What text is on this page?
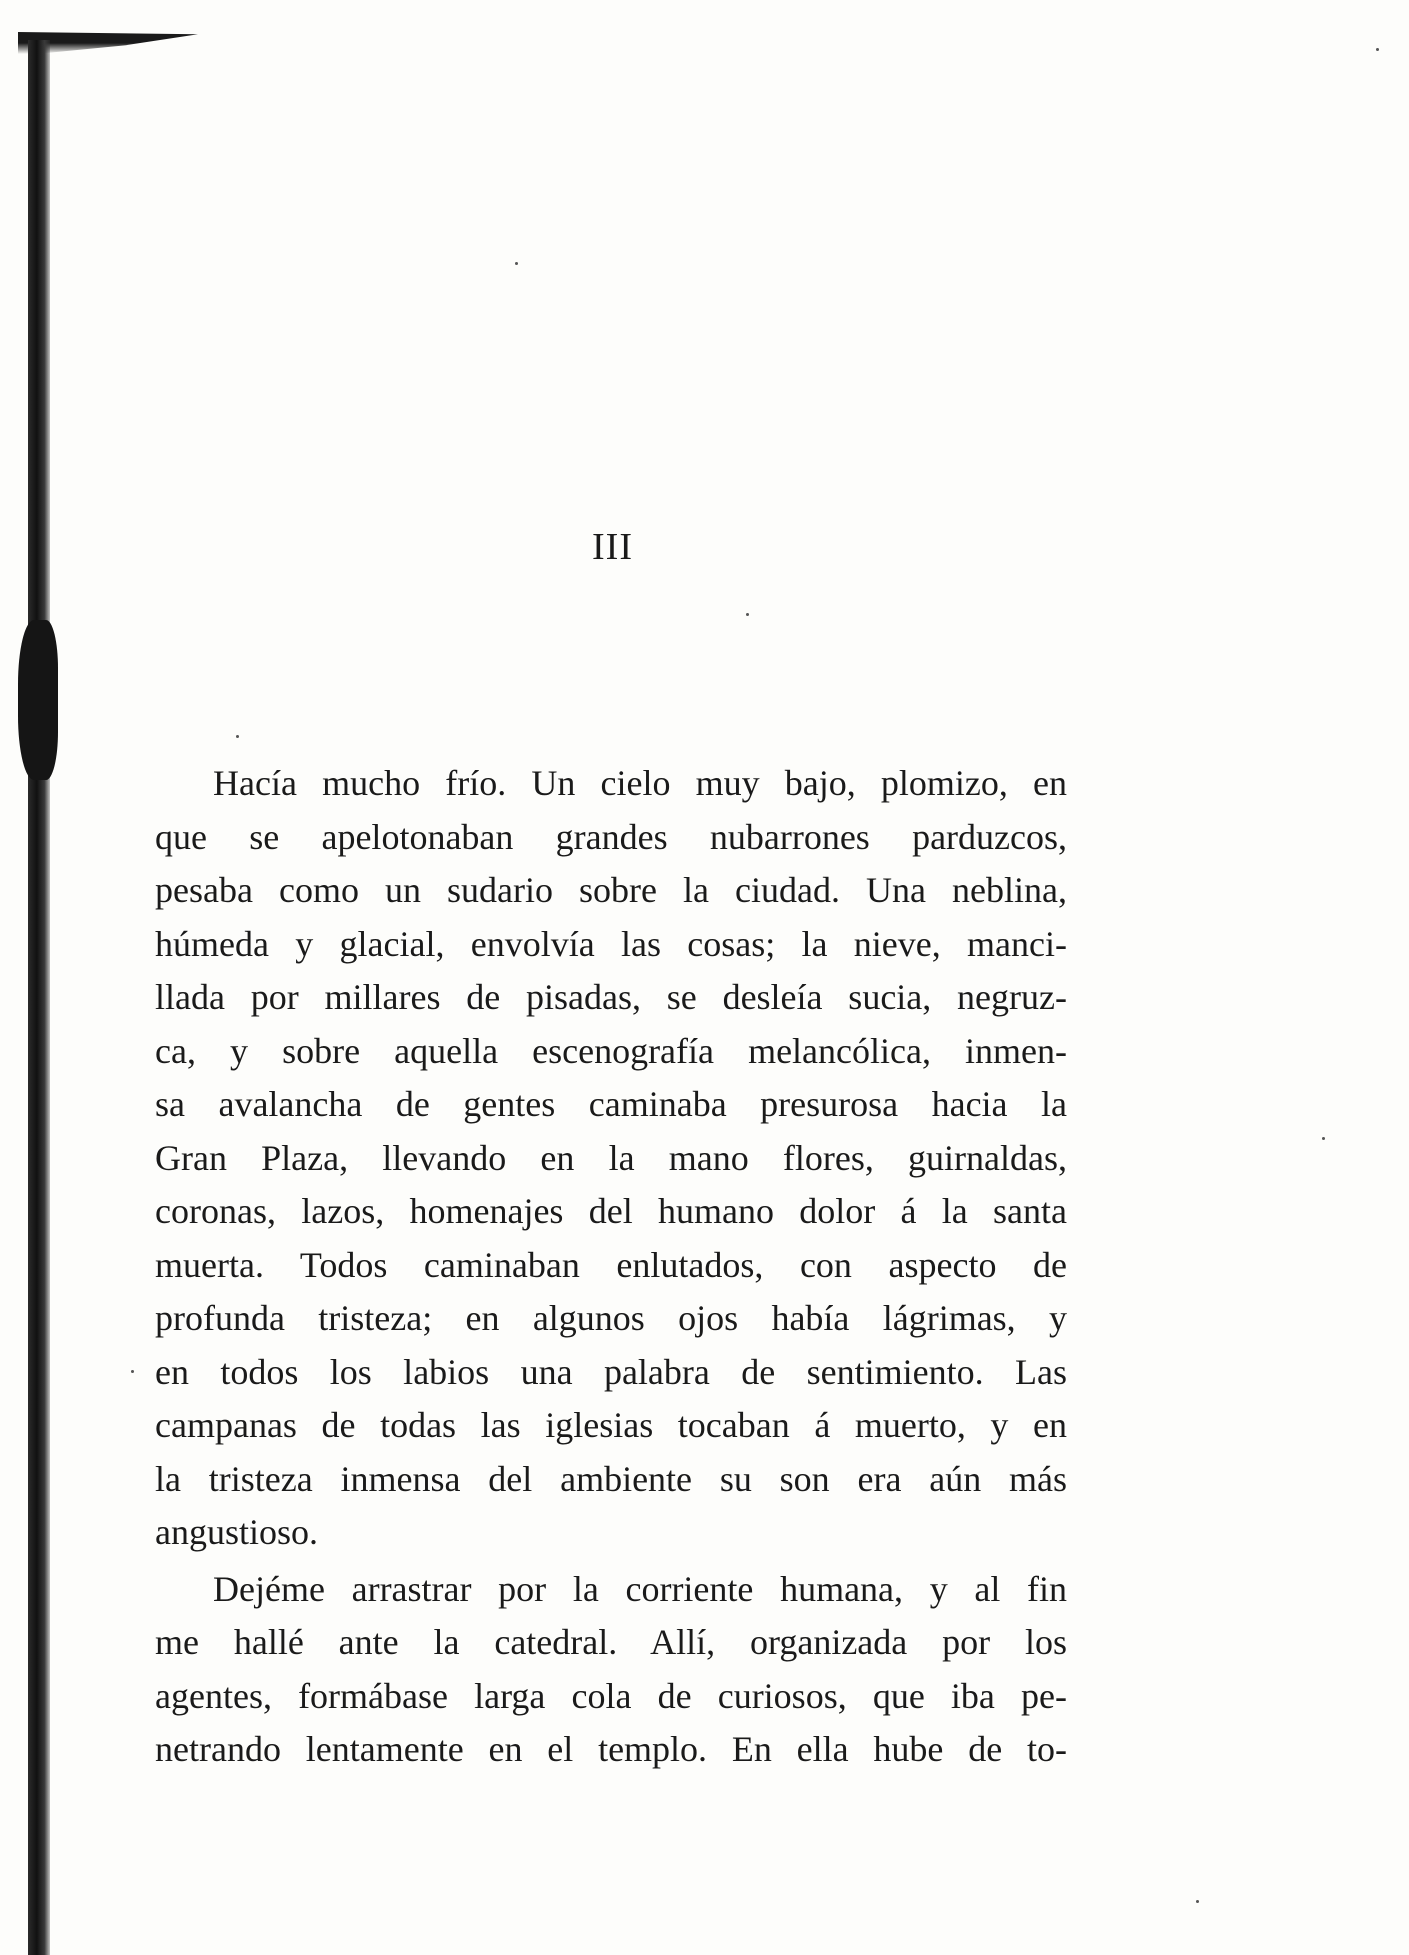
III
Hacía mucho frío. Un cielo muy bajo, plomizo, en
que se apelotonaban grandes nubarrones parduzcos,
pesaba como un sudario sobre la ciudad. Una neblina,
húmeda y glacial, envolvía las cosas; la nieve, manci-
llada por millares de pisadas, se desleía sucia, negruz-
ca, y sobre aquella escenografía melancólica, inmen-
sa avalancha de gentes caminaba presurosa hacia la
Gran Plaza, llevando en la mano flores, guirnaldas,
coronas, lazos, homenajes del humano dolor á la santa
muerta. Todos caminaban enlutados, con aspecto de
profunda tristeza; en algunos ojos había lágrimas, y
en todos los labios una palabra de sentimiento. Las
campanas de todas las iglesias tocaban á muerto, y en
la tristeza inmensa del ambiente su son era aún más
angustioso.
Dejéme arrastrar por la corriente humana, y al fin
me hallé ante la catedral. Allí, organizada por los
agentes, formábase larga cola de curiosos, que iba pe-
netrando lentamente en el templo. En ella hube de to-
